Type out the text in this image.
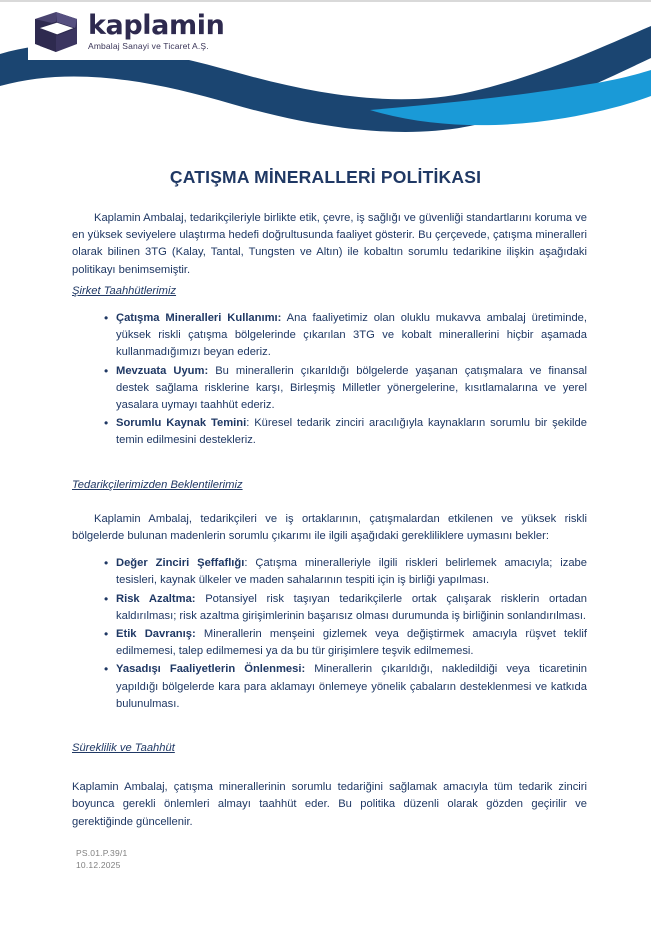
kaplamin
Ambalaj Sanayi ve Ticaret A.Ş.
ÇATIŞMA MİNERALLERİ POLİTİKASI

Kaplamin Ambalaj, tedarikçileriyle birlikte etik, çevre, iş sağlığı ve güvenliği standartlarını koruma ve en yüksek seviyelere ulaştırma hedefi doğrultusunda faaliyet gösterir. Bu çerçevede, çatışma mineralleri olarak bilinen 3TG (Kalay, Tantal, Tungsten ve Altın) ile kobaltın sorumlu tedarikine ilişkin aşağıdaki politikayı benimsemiştir.

Şirket Taahhütlerimiz
• Çatışma Mineralleri Kullanımı: Ana faaliyetimiz olan oluklu mukavva ambalaj üretiminde, yüksek riskli çatışma bölgelerinde çıkarılan 3TG ve kobalt minerallerini hiçbir aşamada kullanmadığımızı beyan ederiz.
• Mevzuata Uyum: Bu minerallerin çıkarıldığı bölgelerde yaşanan çatışmalara ve finansal destek sağlama risklerine karşı, Birleşmiş Milletler yönergelerine, kısıtlamalarına ve yerel yasalara uymayı taahhüt ederiz.
• Sorumlu Kaynak Temini: Küresel tedarik zinciri aracılığıyla kaynakların sorumlu bir şekilde temin edilmesini destekleriz.
Tedarikçilerimizden Beklentilerimiz

Kaplamin Ambalaj, tedarikçileri ve iş ortaklarının, çatışmalardan etkilenen ve yüksek riskli bölgelerde bulunan madenlerin sorumlu çıkarımı ile ilgili aşağıdaki gerekliliklere uymasını bekler:

• Değer Zinciri Şeffaflığı: Çatışma mineralleriyle ilgili riskleri belirlemek amacıyla; izabe tesisleri, kaynak ülkeler ve maden sahalarının tespiti için iş birliği yapılması.
• Risk Azaltma: Potansiyel risk taşıyan tedarikçilerle ortak çalışarak risklerin ortadan kaldırılması; risk azaltma girişimlerinin başarısız olması durumunda iş birliğinin sonlandırılması.
• Etik Davranış: Minerallerin menşeini gizlemek veya değiştirmek amacıyla rüşvet teklif edilmemesi, talep edilmemesi ya da bu tür girişimlere teşvik edilmemesi.
• Yasadışı Faaliyetlerin Önlenmesi: Minerallerin çıkarıldığı, nakledildiği veya ticaretinin yapıldığı bölgelerde kara para aklamayı önlemeye yönelik çabaların desteklenmesi ve katkıda bulunulması.
Süreklilik ve Taahhüt

Kaplamin Ambalaj, çatışma minerallerinin sorumlu tedariğini sağlamak amacıyla tüm tedarik zinciri boyunca gerekli önlemleri almayı taahhüt eder. Bu politika düzenli olarak gözden geçirilir ve gerektiğinde güncellenir.

PS.01.P.39/1
10.12.2025
